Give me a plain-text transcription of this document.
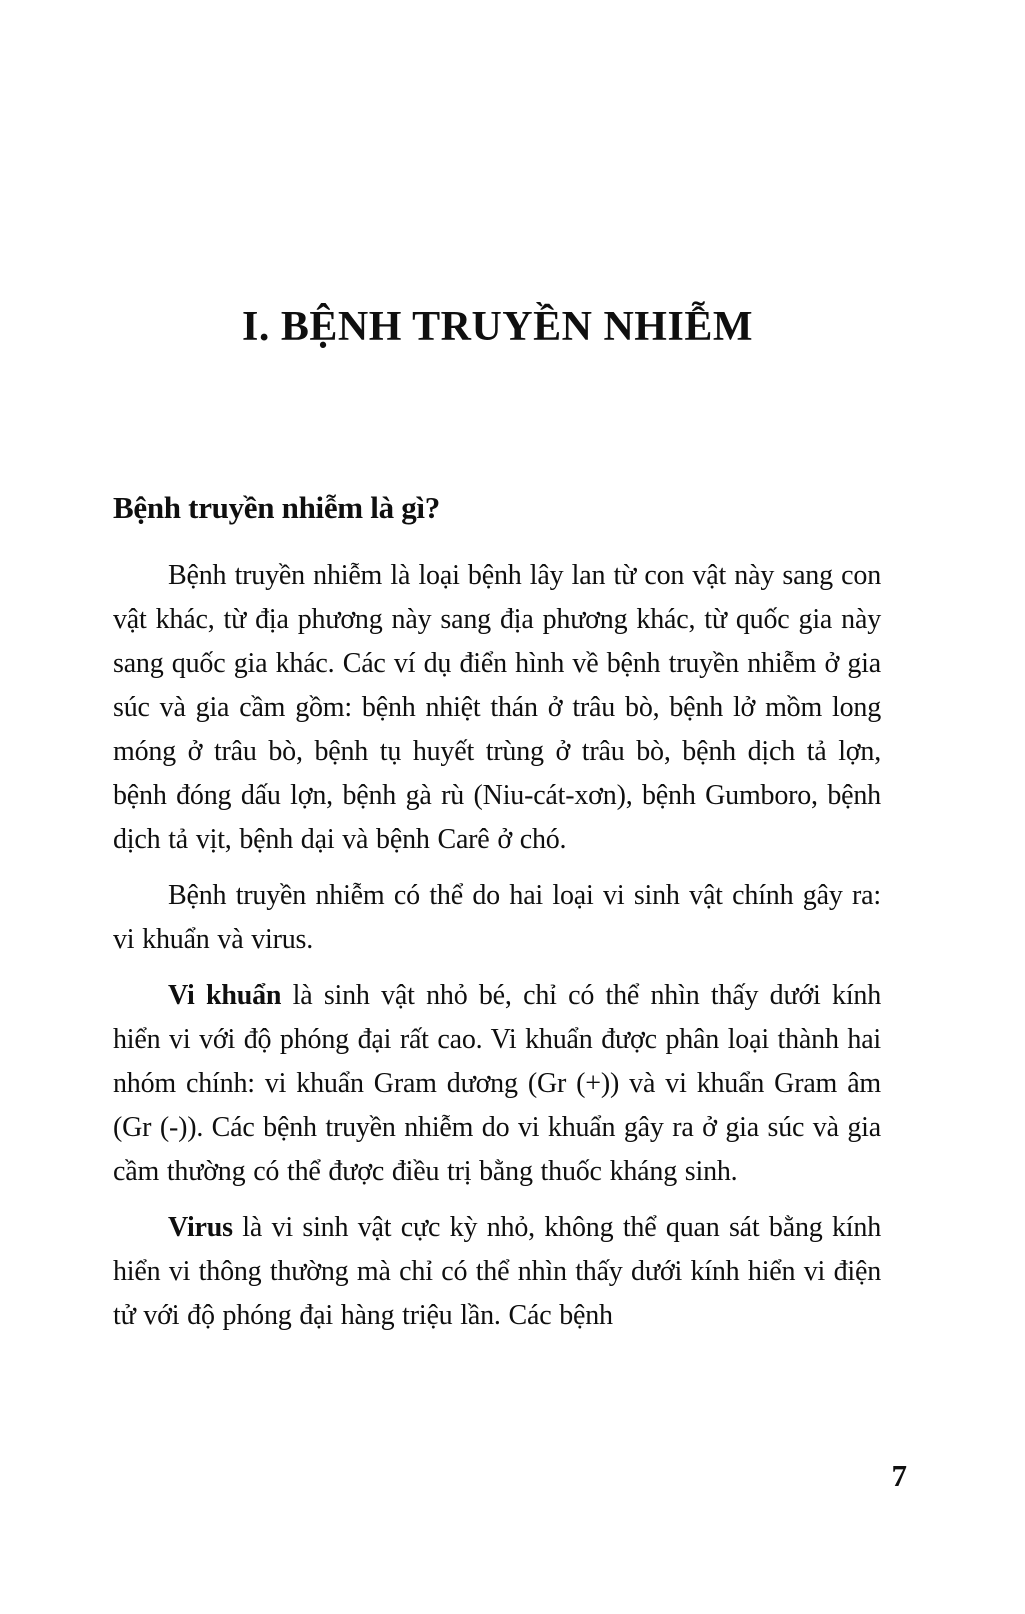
I. BỆNH TRUYỀN NHIỄM
Bệnh truyền nhiễm là gì?

Bệnh truyền nhiễm là loại bệnh lây lan từ con vật này sang con vật khác, từ địa phương này sang địa phương khác, từ quốc gia này sang quốc gia khác. Các ví dụ điển hình về bệnh truyền nhiễm ở gia súc và gia cầm gồm: bệnh nhiệt thán ở trâu bò, bệnh lở mồm long móng ở trâu bò, bệnh tụ huyết trùng ở trâu bò, bệnh dịch tả lợn, bệnh đóng dấu lợn, bệnh gà rù (Niu-cát-xơn), bệnh Gumboro, bệnh dịch tả vịt, bệnh dại và bệnh Carê ở chó.

Bệnh truyền nhiễm có thể do hai loại vi sinh vật chính gây ra: vi khuẩn và virus.

Vi khuẩn là sinh vật nhỏ bé, chỉ có thể nhìn thấy dưới kính hiển vi với độ phóng đại rất cao. Vi khuẩn được phân loại thành hai nhóm chính: vi khuẩn Gram dương (Gr (+)) và vi khuẩn Gram âm (Gr (-)). Các bệnh truyền nhiễm do vi khuẩn gây ra ở gia súc và gia cầm thường có thể được điều trị bằng thuốc kháng sinh.

Virus là vi sinh vật cực kỳ nhỏ, không thể quan sát bằng kính hiển vi thông thường mà chỉ có thể nhìn thấy dưới kính hiển vi điện tử với độ phóng đại hàng triệu lần. Các bệnh

7
